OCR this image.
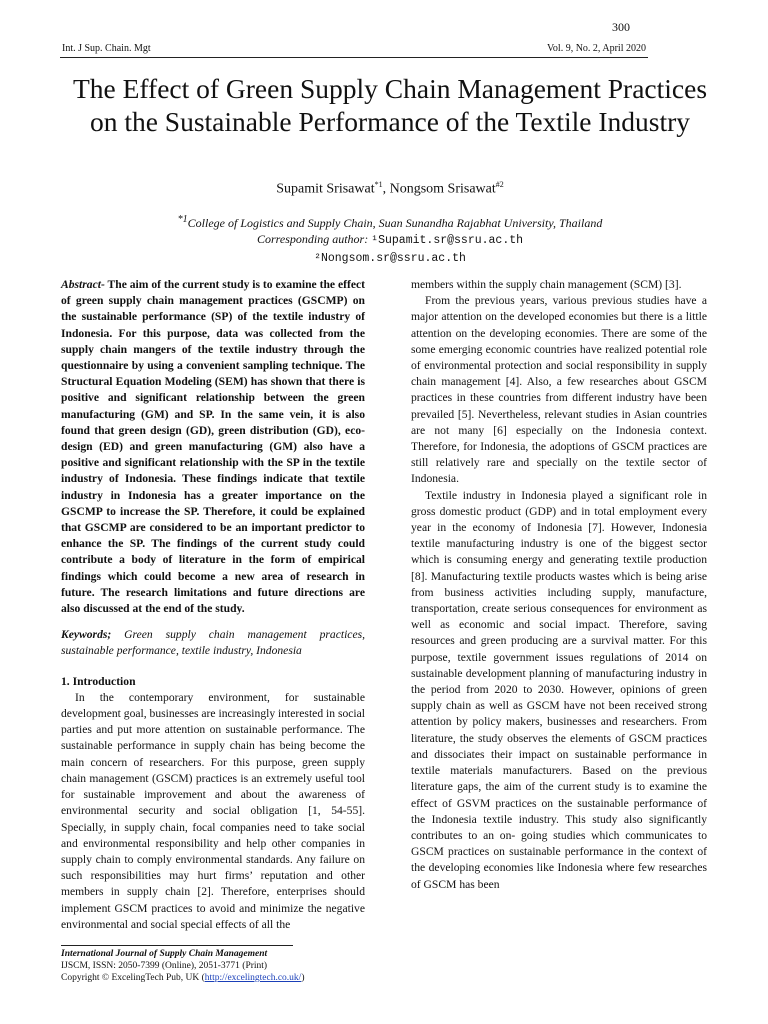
300
Int. J Sup. Chain. Mgt	Vol. 9, No. 2, April 2020
The Effect of Green Supply Chain Management Practices on the Sustainable Performance of the Textile Industry
Supamit Srisawat$^{*1}$, Nongsom Srisawat$^{\#2}$
$^{*1}$College of Logistics and Supply Chain, Suan Sunandha Rajabhat University, Thailand
Corresponding author: ¹Supamit.sr@ssru.ac.th
²Nongsom.sr@ssru.ac.th
Abstract- The aim of the current study is to examine the effect of green supply chain management practices (GSCMP) on the sustainable performance (SP) of the textile industry of Indonesia. For this purpose, data was collected from the supply chain mangers of the textile industry through the questionnaire by using a convenient sampling technique. The Structural Equation Modeling (SEM) has shown that there is positive and significant relationship between the green manufacturing (GM) and SP. In the same vein, it is also found that green design (GD), green distribution (GD), eco-design (ED) and green manufacturing (GM) also have a positive and significant relationship with the SP in the textile industry of Indonesia. These findings indicate that textile industry in Indonesia has a greater importance on the GSCMP to increase the SP. Therefore, it could be explained that GSCMP are considered to be an important predictor to enhance the SP. The findings of the current study could contribute a body of literature in the form of empirical findings which could become a new area of research in future. The research limitations and future directions are also discussed at the end of the study.
Keywords; Green supply chain management practices, sustainable performance, textile industry, Indonesia
1. Introduction

In the contemporary environment, for sustainable development goal, businesses are increasingly interested in social parties and put more attention on sustainable performance. The sustainable performance in supply chain has being become the main concern of researchers. For this purpose, green supply chain management (GSCM) practices is an extremely useful tool for sustainable improvement and about the awareness of environmental security and social obligation [1, 54-55]. Specially, in supply chain, focal companies need to take social and environmental responsibility and help other companies in supply chain to comply environmental standards. Any failure on such responsibilities may hurt firms’ reputation and other members in supply chain [2]. Therefore, enterprises should implement GSCM practices to avoid and minimize the negative environmental and social special effects of all the

members within the supply chain management (SCM) [3].

From the previous years, various previous studies have a major attention on the developed economies but there is a little attention on the developing economies. There are some of the some emerging economic countries have realized potential role of environmental protection and social responsibility in supply chain management [4]. Also, a few researches about GSCM practices in these countries from different industry have been prevailed [5]. Nevertheless, relevant studies in Asian countries are not many [6] especially on the Indonesia context. Therefore, for Indonesia, the adoptions of GSCM practices are still relatively rare and specially on the textile sector of Indonesia.

Textile industry in Indonesia played a significant role in gross domestic product (GDP) and in total employment every year in the economy of Indonesia [7]. However, Indonesia textile manufacturing industry is one of the biggest sector which is consuming energy and generating textile production [8]. Manufacturing textile products wastes which is being arise from business activities including supply, manufacture, transportation, create serious consequences for environment as well as economic and social impact. Therefore, saving resources and green producing are a survival matter. For this purpose, textile government issues regulations of 2014 on sustainable development planning of manufacturing industry in the period from 2020 to 2030. However, opinions of green supply chain as well as GSCM have not been received strong attention by policy makers, businesses and researchers. From literature, the study observes the elements of GSCM practices and dissociates their impact on sustainable performance in textile materials manufacturers. Based on the previous literature gaps, the aim of the current study is to examine the effect of GSVM practices on the sustainable performance of the Indonesia textile industry. This study also significantly contributes to an on- going studies which communicates to GSCM practices on sustainable performance in the context of the developing economies like Indonesia where few researches of GSCM has been

International Journal of Supply Chain Management
IJSCM, ISSN: 2050-7399 (Online), 2051-3771 (Print)
Copyright © ExcelingTech Pub, UK (http://excelingtech.co.uk/)
